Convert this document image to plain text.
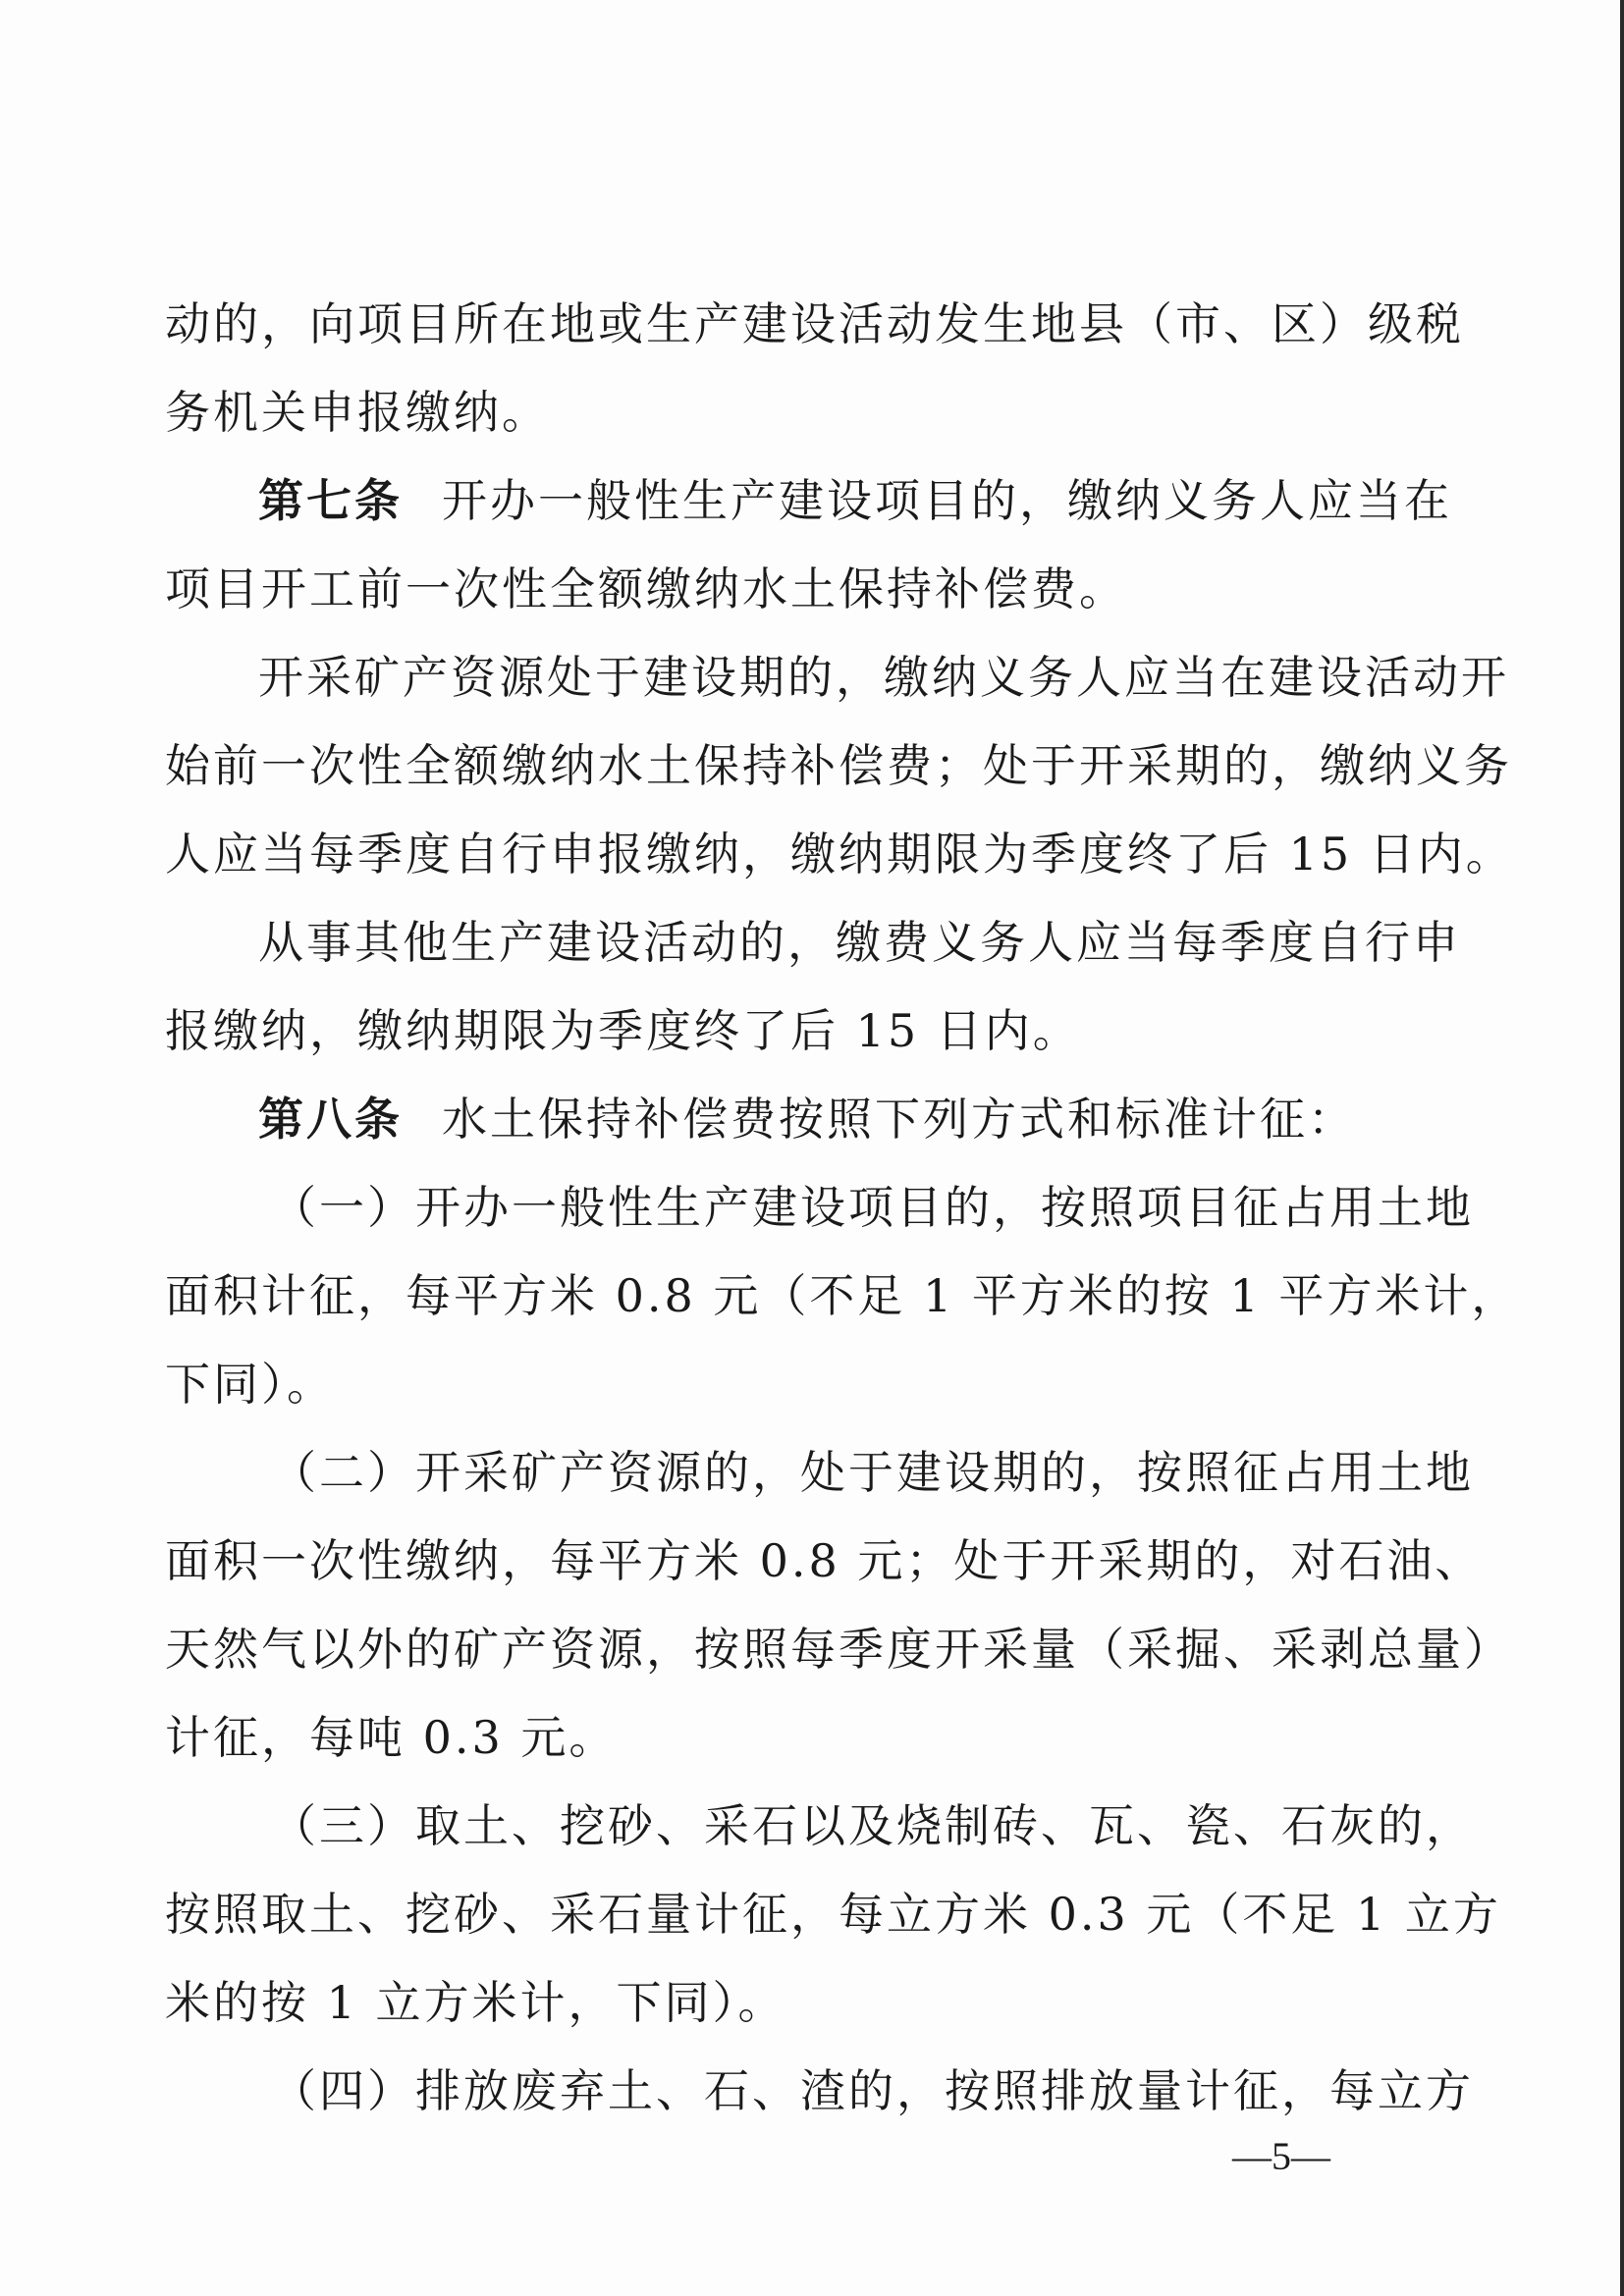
动的，向项目所在地或生产建设活动发生地县（市、区）级税
务机关申报缴纳。
第七条 开办一般性生产建设项目的，缴纳义务人应当在
项目开工前一次性全额缴纳水土保持补偿费。
开采矿产资源处于建设期的，缴纳义务人应当在建设活动开
始前一次性全额缴纳水土保持补偿费；处于开采期的，缴纳义务
人应当每季度自行申报缴纳，缴纳期限为季度终了后 15 日内。
从事其他生产建设活动的，缴费义务人应当每季度自行申
报缴纳，缴纳期限为季度终了后 15 日内。
第八条 水土保持补偿费按照下列方式和标准计征：
（一）开办一般性生产建设项目的，按照项目征占用土地
面积计征，每平方米 0.8 元（不足 1 平方米的按 1 平方米计，
下同）。
（二）开采矿产资源的，处于建设期的，按照征占用土地
面积一次性缴纳，每平方米 0.8 元；处于开采期的，对石油、
天然气以外的矿产资源，按照每季度开采量（采掘、采剥总量）
计征，每吨 0.3 元。
（三）取土、挖砂、采石以及烧制砖、瓦、瓷、石灰的，
按照取土、挖砂、采石量计征，每立方米 0.3 元（不足 1 立方
米的按 1 立方米计，下同）。
（四）排放废弃土、石、渣的，按照排放量计征，每立方
—5—
